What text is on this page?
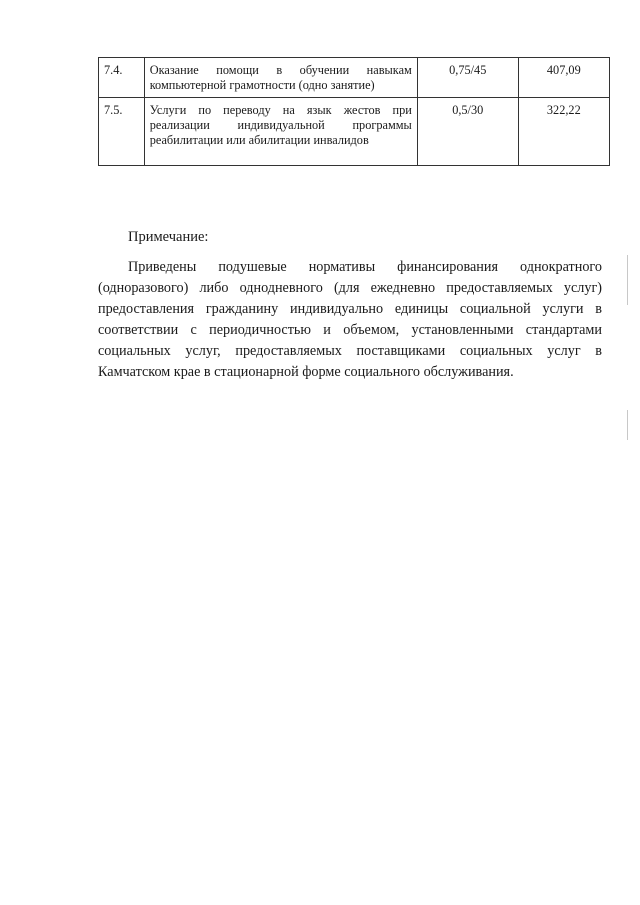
7.4.	Оказание помощи в обучении навыкам компьютерной грамотности (одно занятие)	0,75/45	407,09
7.5.	Услуги по переводу на язык жестов при реализации индивидуальной программы реабилитации или абилитации инвалидов	0,5/30	322,22
Примечание:

Приведены подушевые нормативы финансирования однократного (одноразового) либо однодневного (для ежедневно предоставляемых услуг) предоставления гражданину индивидуально единицы социальной услуги в соответствии с периодичностью и объемом, установленными стандартами социальных услуг, предоставляемых поставщиками социальных услуг в Камчатском крае в стационарной форме социального обслуживания.
